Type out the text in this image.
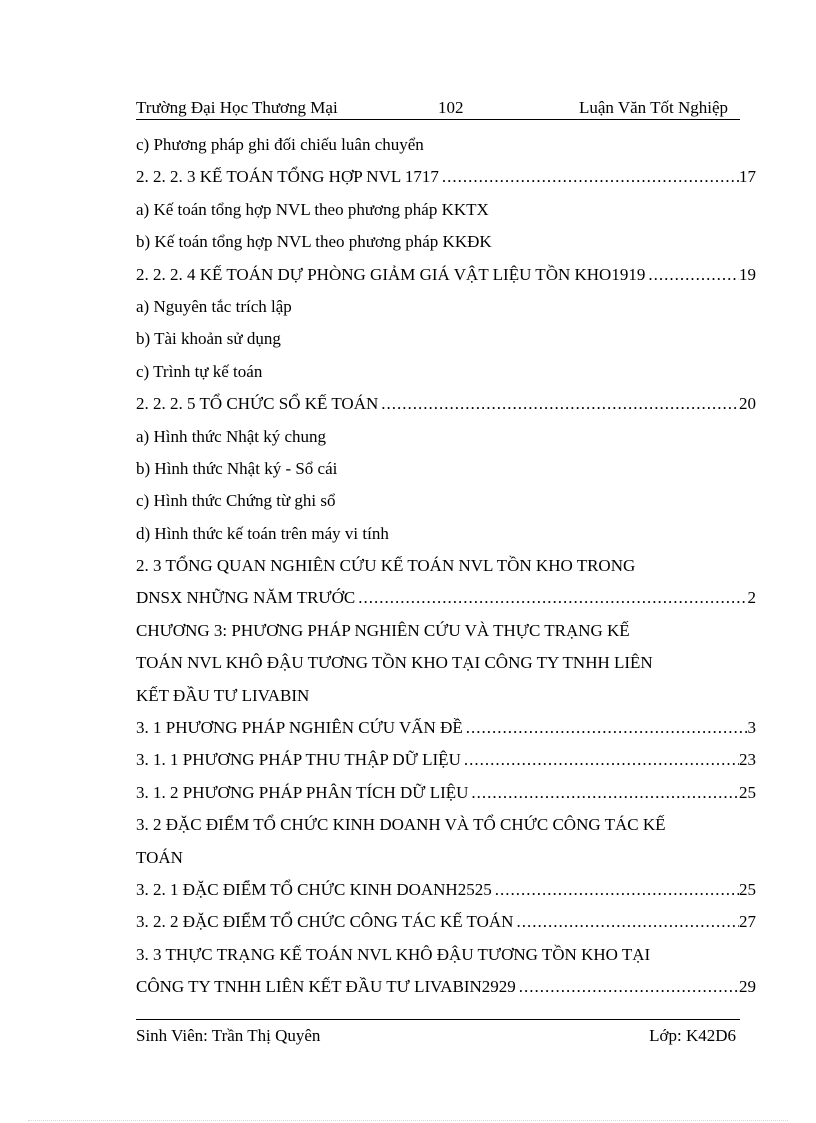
Trường Đại Học Thương Mại	102	Luận Văn Tốt Nghiệp
c) Phương pháp ghi đối chiếu luân chuyển
2. 2. 2. 3 KẾ TOÁN TỔNG HỢP NVL 1717 .....	17
a) Kế toán tổng hợp NVL theo phương pháp KKTX
b) Kế toán tổng hợp NVL theo phương pháp KKĐK
2. 2. 2. 4 KẾ TOÁN DỰ PHÒNG GIẢM GIÁ VẬT LIỆU TỒN KHO1919 .....	19
a) Nguyên tắc trích lập
b) Tài khoản sử dụng
c) Trình tự kế toán
2. 2. 2. 5 TỔ CHỨC SỔ KẾ TOÁN .....	20
a) Hình thức Nhật ký chung
b) Hình thức Nhật ký - Sổ cái
c) Hình thức Chứng từ ghi sổ
d) Hình thức kế toán trên máy vi tính
2. 3 TỔNG QUAN NGHIÊN CỨU KẾ TOÁN NVL TỒN KHO TRONG
DNSX NHỮNG NĂM TRƯỚC .....	2
CHƯƠNG 3: PHƯƠNG PHÁP NGHIÊN CỨU VÀ THỰC TRẠNG KẾ
TOÁN NVL KHÔ ĐẬU TƯƠNG TỒN KHO TẠI CÔNG TY TNHH LIÊN
KẾT ĐẦU TƯ LIVABIN
3. 1 PHƯƠNG PHÁP NGHIÊN CỨU VẤN ĐỀ .....	3
3. 1. 1 PHƯƠNG PHÁP THU THẬP DỮ LIỆU .....	23
3. 1. 2 PHƯƠNG PHÁP PHÂN TÍCH DỮ LIỆU .....	25
3. 2 ĐẶC ĐIỂM TỔ CHỨC KINH DOANH VÀ TỔ CHỨC CÔNG TÁC KẾ
TOÁN
3. 2. 1 ĐẶC ĐIỂM TỔ CHỨC KINH DOANH2525 .....	25
3. 2. 2 ĐẶC ĐIỂM TỔ CHỨC CÔNG TÁC KẾ TOÁN .....	27
3. 3 THỰC TRẠNG KẾ TOÁN NVL KHÔ ĐẬU TƯƠNG TỒN KHO TẠI
CÔNG TY TNHH LIÊN KẾT ĐẦU TƯ LIVABIN2929 .....	29
Sinh Viên: Trần Thị Quyên	Lớp: K42D6
